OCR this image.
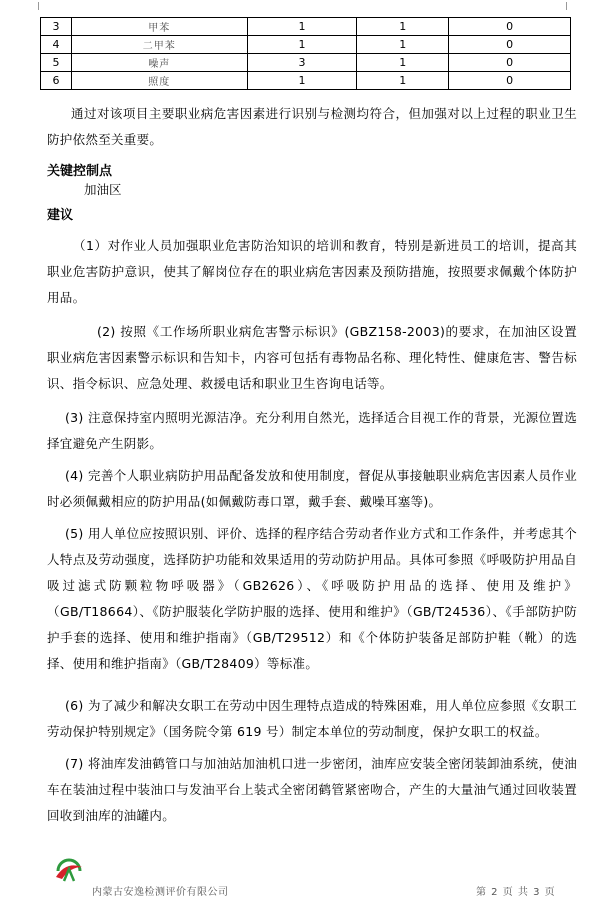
3	甲苯	1	1	0
4	二甲苯	1	1	0
5	噪声	3	1	0
6	照度	1	1	0

通过对该项目主要职业病危害因素进行识别与检测均符合，但加强对以上过程的职业卫生防护依然至关重要。

关键控制点
加油区
建议

（1）对作业人员加强职业危害防治知识的培训和教育，特别是新进员工的培训，提高其职业危害防护意识，使其了解岗位存在的职业病危害因素及预防措施，按照要求佩戴个体防护用品。

(2) 按照《工作场所职业病危害警示标识》(GBZ158-2003)的要求，在加油区设置职业病危害因素警示标识和告知卡，内容可包括有毒物品名称、理化特性、健康危害、警告标识、指令标识、应急处理、救援电话和职业卫生咨询电话等。

(3) 注意保持室内照明光源洁净。充分利用自然光，选择适合目视工作的背景，光源位置选择宜避免产生阴影。

(4) 完善个人职业病防护用品配备发放和使用制度，督促从事接触职业病危害因素人员作业时必须佩戴相应的防护用品(如佩戴防毒口罩，戴手套、戴噪耳塞等)。

(5) 用人单位应按照识别、评价、选择的程序结合劳动者作业方式和工作条件，并考虑其个人特点及劳动强度，选择防护功能和效果适用的劳动防护用品。具体可参照《呼吸防护用品自吸过滤式防颗粒物呼吸器》（GB2626）、《呼吸防护用品的选择、使用及维护》（GB/T18664）、《防护服装化学防护服的选择、使用和维护》（GB/T24536）、《手部防护防护手套的选择、使用和维护指南》（GB/T29512）和《个体防护装备足部防护鞋（靴）的选择、使用和维护指南》（GB/T28409）等标准。

(6) 为了减少和解决女职工在劳动中因生理特点造成的特殊困难，用人单位应参照《女职工劳动保护特别规定》（国务院令第 619 号）制定本单位的劳动制度，保护女职工的权益。

(7) 将油库发油鹤管口与加油站加油机口进一步密闭，油库应安装全密闭装卸油系统，使油车在装油过程中装油口与发油平台上装式全密闭鹤管紧密吻合，产生的大量油气通过回收装置回收到油库的油罐内。

内蒙古安逸检测评价有限公司	第 2 页 共 3 页
